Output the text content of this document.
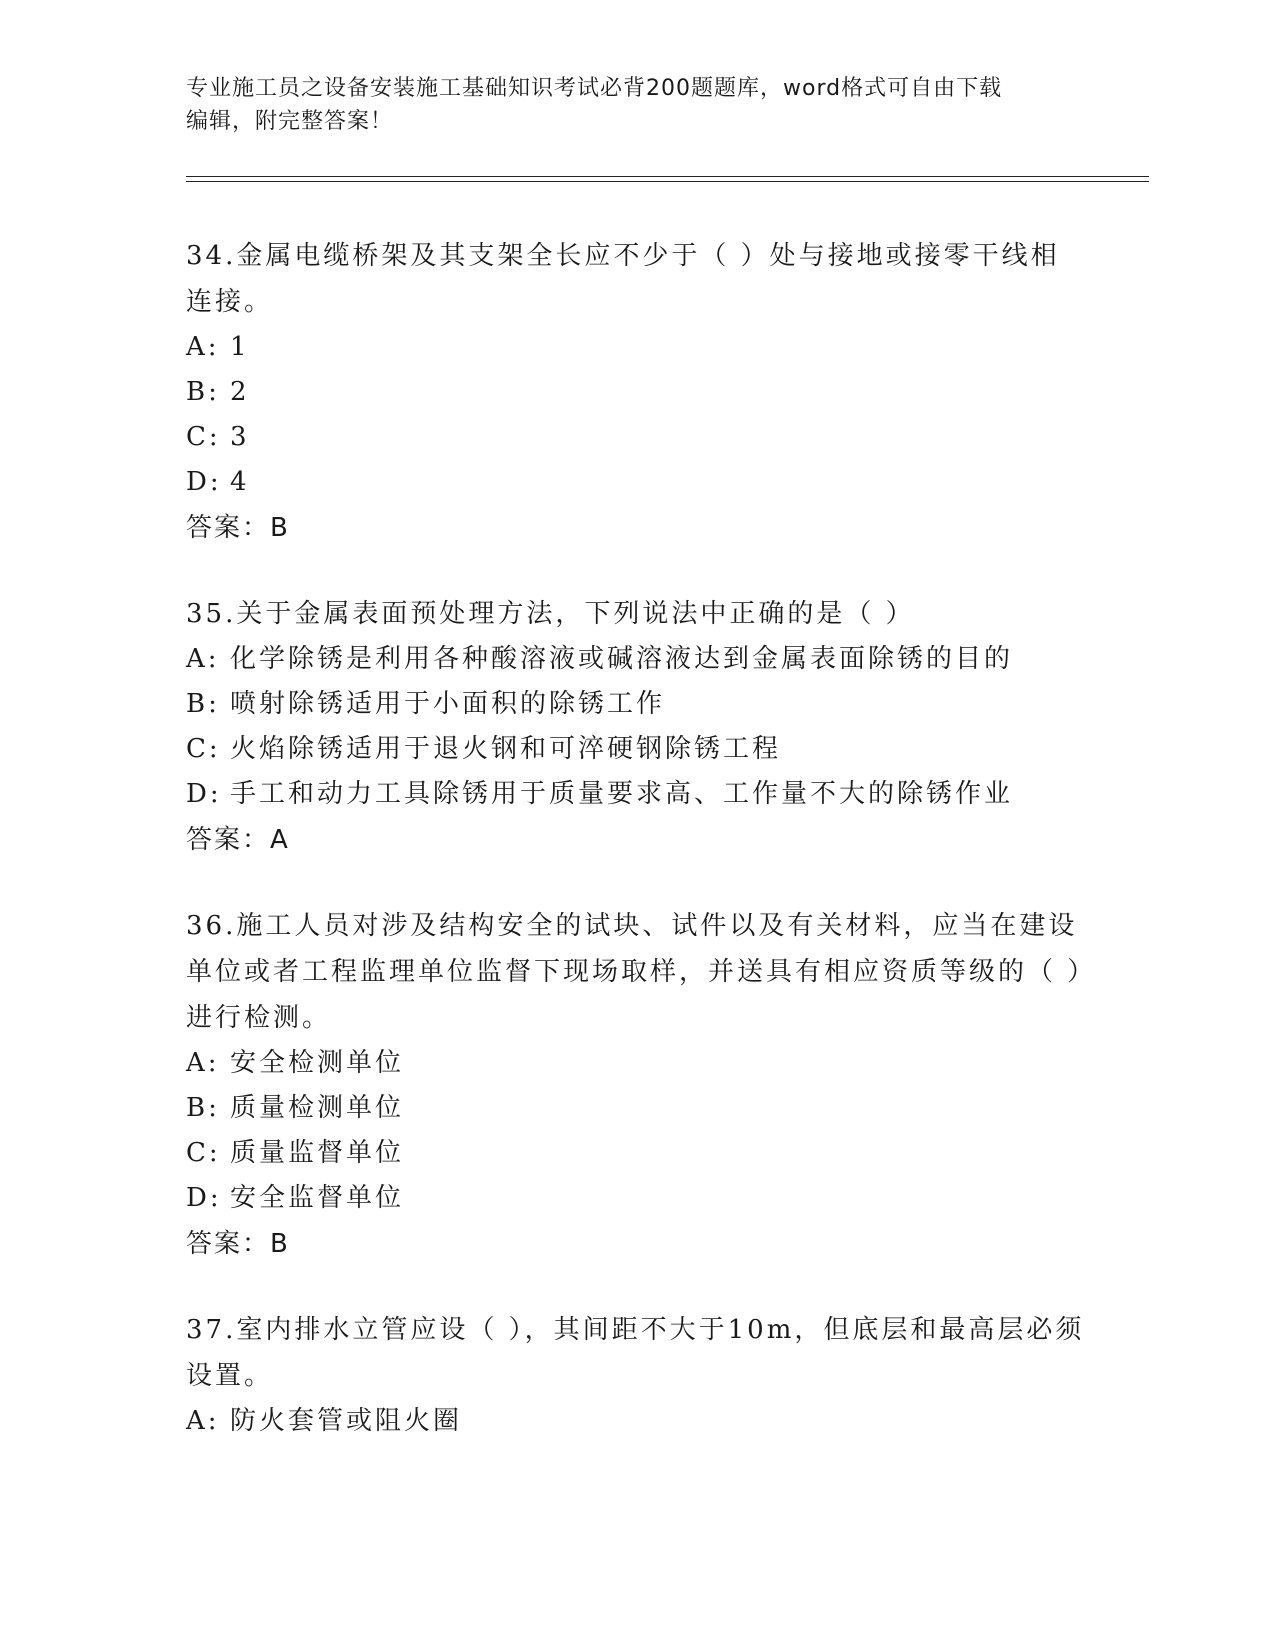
专业施工员之设备安装施工基础知识考试必背200题题库，word格式可自由下载
编辑，附完整答案！

34.金属电缆桥架及其支架全长应不少于（ ）处与接地或接零干线相连接。

A: 1

B: 2

C: 3

D: 4

答案：B

35.关于金属表面预处理方法，下列说法中正确的是（ ）

A: 化学除锈是利用各种酸溶液或碱溶液达到金属表面除锈的目的

B: 喷射除锈适用于小面积的除锈工作

C: 火焰除锈适用于退火钢和可淬硬钢除锈工程

D: 手工和动力工具除锈用于质量要求高、工作量不大的除锈作业

答案：A

36.施工人员对涉及结构安全的试块、试件以及有关材料，应当在建设单位或者工程监理单位监督下现场取样，并送具有相应资质等级的（ ）进行检测。

A: 安全检测单位

B: 质量检测单位

C: 质量监督单位

D: 安全监督单位

答案：B

37.室内排水立管应设（ ），其间距不大于10m，但底层和最高层必须设置。

A: 防火套管或阻火圈
